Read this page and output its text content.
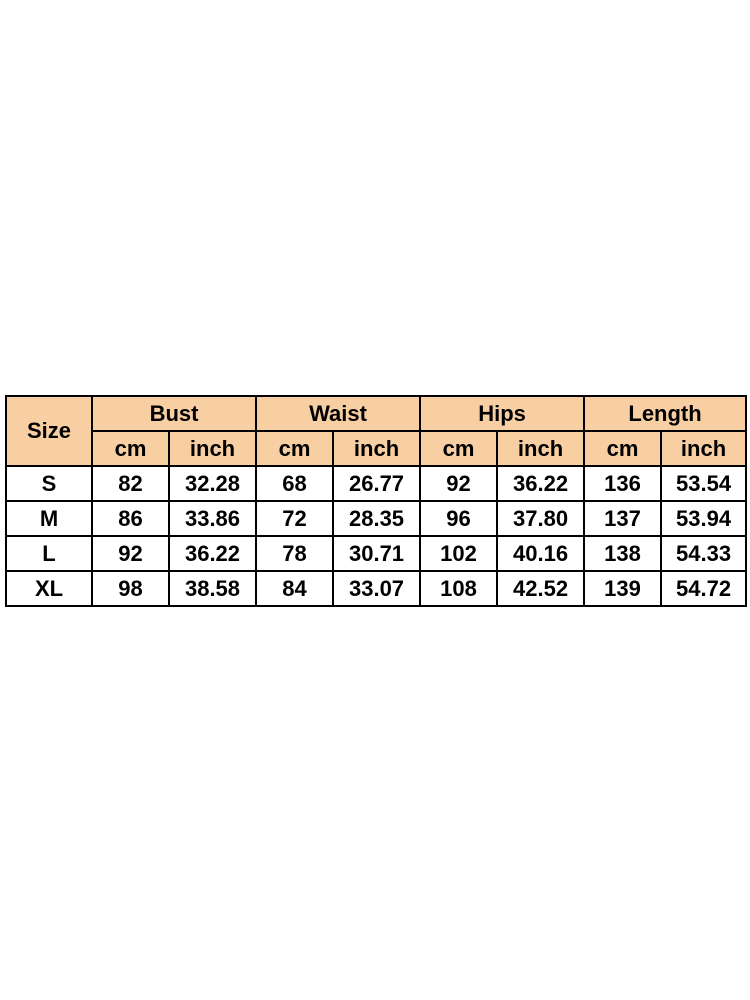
Size	Bust		Waist		Hips		Length	
	cm	inch	cm	inch	cm	inch	cm	inch
S	82	32.28	68	26.77	92	36.22	136	53.54
M	86	33.86	72	28.35	96	37.80	137	53.94
L	92	36.22	78	30.71	102	40.16	138	54.33
XL	98	38.58	84	33.07	108	42.52	139	54.72
